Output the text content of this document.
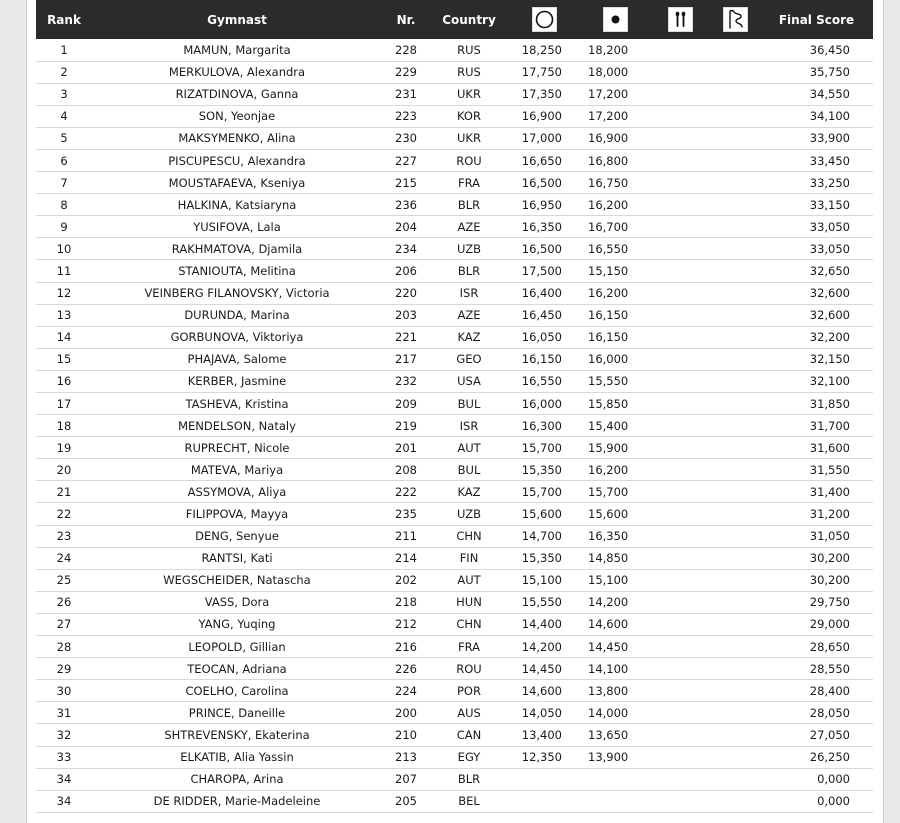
Rank	Gymnast	Nr.	Country					Final Score
1	MAMUN, Margarita	228	RUS	18,250	18,200			36,450
2	MERKULOVA, Alexandra	229	RUS	17,750	18,000			35,750
3	RIZATDINOVA, Ganna	231	UKR	17,350	17,200			34,550
4	SON, Yeonjae	223	KOR	16,900	17,200			34,100
5	MAKSYMENKO, Alina	230	UKR	17,000	16,900			33,900
6	PISCUPESCU, Alexandra	227	ROU	16,650	16,800			33,450
7	MOUSTAFAEVA, Kseniya	215	FRA	16,500	16,750			33,250
8	HALKINA, Katsiaryna	236	BLR	16,950	16,200			33,150
9	YUSIFOVA, Lala	204	AZE	16,350	16,700			33,050
10	RAKHMATOVA, Djamila	234	UZB	16,500	16,550			33,050
11	STANIOUTA, Melitina	206	BLR	17,500	15,150			32,650
12	VEINBERG FILANOVSKY, Victoria	220	ISR	16,400	16,200			32,600
13	DURUNDA, Marina	203	AZE	16,450	16,150			32,600
14	GORBUNOVA, Viktoriya	221	KAZ	16,050	16,150			32,200
15	PHAJAVA, Salome	217	GEO	16,150	16,000			32,150
16	KERBER, Jasmine	232	USA	16,550	15,550			32,100
17	TASHEVA, Kristina	209	BUL	16,000	15,850			31,850
18	MENDELSON, Nataly	219	ISR	16,300	15,400			31,700
19	RUPRECHT, Nicole	201	AUT	15,700	15,900			31,600
20	MATEVA, Mariya	208	BUL	15,350	16,200			31,550
21	ASSYMOVA, Aliya	222	KAZ	15,700	15,700			31,400
22	FILIPPOVA, Mayya	235	UZB	15,600	15,600			31,200
23	DENG, Senyue	211	CHN	14,700	16,350			31,050
24	RANTSI, Kati	214	FIN	15,350	14,850			30,200
25	WEGSCHEIDER, Natascha	202	AUT	15,100	15,100			30,200
26	VASS, Dora	218	HUN	15,550	14,200			29,750
27	YANG, Yuqing	212	CHN	14,400	14,600			29,000
28	LEOPOLD, Gillian	216	FRA	14,200	14,450			28,650
29	TEOCAN, Adriana	226	ROU	14,450	14,100			28,550
30	COELHO, Carolina	224	POR	14,600	13,800			28,400
31	PRINCE, Daneille	200	AUS	14,050	14,000			28,050
32	SHTREVENSKY, Ekaterina	210	CAN	13,400	13,650			27,050
33	ELKATIB, Alia Yassin	213	EGY	12,350	13,900			26,250
34	CHAROPA, Arina	207	BLR					0,000
34	DE RIDDER, Marie-Madeleine	205	BEL					0,000
